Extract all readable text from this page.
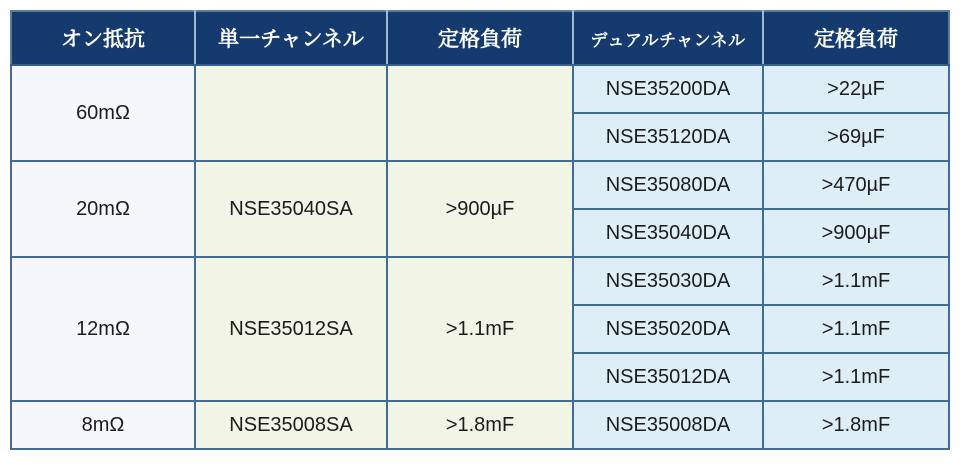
オン抵抗	単一チャンネル	定格負荷	デュアルチャンネル	定格負荷
60mΩ			NSE35200DA	>22µF
			NSE35120DA	>69µF
20mΩ	NSE35040SA	>900µF	NSE35080DA	>470µF
			NSE35040DA	>900µF
12mΩ	NSE35012SA	>1.1mF	NSE35030DA	>1.1mF
			NSE35020DA	>1.1mF
			NSE35012DA	>1.1mF
8mΩ	NSE35008SA	>1.8mF	NSE35008DA	>1.8mF
